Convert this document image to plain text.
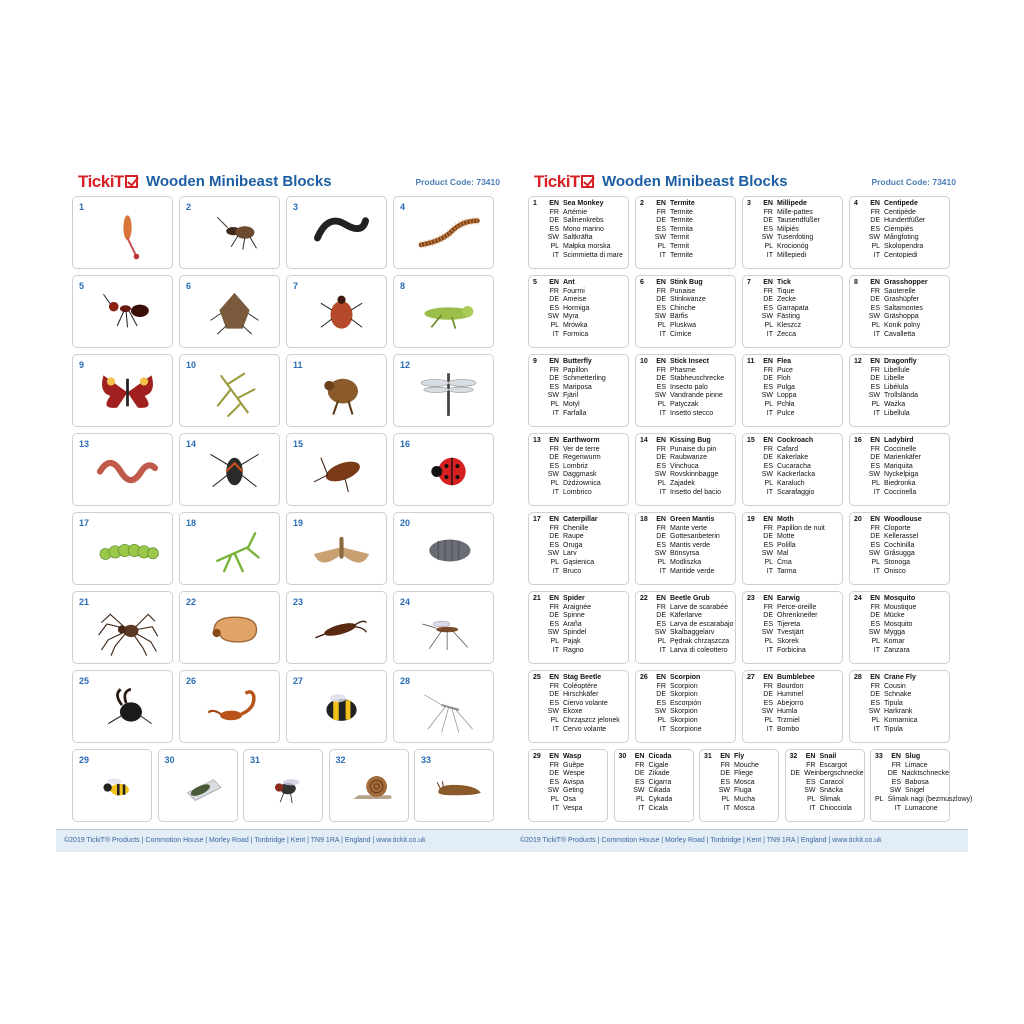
TickiT	Wooden Minibeast Blocks	Product Code: 73410
1	2	3	4
5	6	7	8
9	10	11	12
13	14	15	16
17	18	19	20
21	22	23	24
25	26	27	28
29	30	31	32	33
©2019 TickiT® Products | Commotion House | Morley Road | Tonbridge | Kent | TN9 1RA | England | www.tickit.co.uk
TickiT	Wooden Minibeast Blocks	Product Code: 73410
1	EN Sea Monkey
FR Artémie
DE Salinenkrebs
ES Mono marino
SW Saltkräfta
PL Małpka morska
IT Scimmietta di mare
2	EN Termite
FR Termite
DE Termite
ES Termita
SW Termit
PL Termit
IT Termite
3	EN Millipede
FR Mille-pattes
DE Tausendfüßer
ES Milpiés
SW Tusenfoting
PL Krocionóg
IT Millepiedi
4	EN Centipede
FR Centipède
DE Hundertfüßer
ES Ciempiés
SW Mångfoting
PL Skolopendra
IT Centopiedi
5	EN Ant
FR Fourmi
DE Ameise
ES Hormiga
SW Myra
PL Mrówka
IT Formica
6	EN Stink Bug
FR Punaise
DE Stinkwanze
ES Chinche
SW Bärfis
PL Pluskwa
IT Cimice
7	EN Tick
FR Tique
DE Zecke
ES Garrapata
SW Fästing
PL Kleszcz
IT Zecca
8	EN Grasshopper
FR Sauterelle
DE Grashüpfer
ES Saltamontes
SW Gräshoppa
PL Konik polny
IT Cavalletta
9	EN Butterfly
FR Papillon
DE Schmetterling
ES Mariposa
SW Fjäril
PL Motyl
IT Farfalla
10	EN Stick Insect
FR Phasme
DE Stabheuschrecke
ES Insecto palo
SW Vandrande pinne
PL Patyczak
IT Insetto stecco
11	EN Flea
FR Puce
DE Floh
ES Pulga
SW Loppa
PL Pchła
IT Pulce
12	EN Dragonfly
FR Libellule
DE Libelle
ES Libélula
SW Trollslända
PL Ważka
IT Libellula
13	EN Earthworm
FR Ver de terre
DE Regenwurm
ES Lombriz
SW Daggmask
PL Dżdżownica
IT Lombrico
14	EN Kissing Bug
FR Punaise du pin
DE Raubwanze
ES Vinchuca
SW Rovskinnbagge
PL Zajadek
IT Insetto del bacio
15	EN Cockroach
FR Cafard
DE Kakerlake
ES Cucaracha
SW Kackerlacka
PL Karaluch
IT Scarafaggio
16	EN Ladybird
FR Coccinelle
DE Marienkäfer
ES Mariquita
SW Nyckelpiga
PL Biedronka
IT Coccinella
17	EN Caterpillar
FR Chenille
DE Raupe
ES Oruga
SW Larv
PL Gąsienica
IT Bruco
18	EN Green Mantis
FR Mante verte
DE Gottesanbeterin
ES Mantis verde
SW Bönsyrsa
PL Modliszka
IT Mantide verde
19	EN Moth
FR Papillon de nuit
DE Motte
ES Polilla
SW Mal
PL Ćma
IT Tarma
20	EN Woodlouse
FR Cloporte
DE Kellerassel
ES Cochinilla
SW Gråsugga
PL Stonoga
IT Onisco
21	EN Spider
FR Araignée
DE Spinne
ES Araña
SW Spindel
PL Pająk
IT Ragno
22	EN Beetle Grub
FR Larve de scarabée
DE Käferlarve
ES Larva de escarabajo
SW Skalbaggelarv
PL Pędrak chrząszcza
IT Larva di coleottero
23	EN Earwig
FR Perce-oreille
DE Ohrenkneifer
ES Tijereta
SW Tvestjärt
PL Skorek
IT Forbicina
24	EN Mosquito
FR Moustique
DE Mücke
ES Mosquito
SW Mygga
PL Komar
IT Zanzara
25	EN Stag Beetle
FR Coléoptère
DE Hirschkäfer
ES Ciervo volante
SW Ekoxe
PL Chrząszcz jelonek
IT Cervo volante
26	EN Scorpion
FR Scorpion
DE Skorpion
ES Escorpión
SW Skorpion
PL Skorpion
IT Scorpione
27	EN Bumblebee
FR Bourdon
DE Hummel
ES Abejorro
SW Humla
PL Trzmiel
IT Bombo
28	EN Crane Fly
FR Cousin
DE Schnake
ES Tipula
SW Harkrank
PL Komarnica
IT Tipula
29	EN Wasp
FR Guêpe
DE Wespe
ES Avispa
SW Geting
PL Osa
IT Vespa
30	EN Cicada
FR Cigale
DE Zikade
ES Cigarra
SW Cikada
PL Cykada
IT Cicala
31	EN Fly
FR Mouche
DE Fliege
ES Mosca
SW Fluga
PL Mucha
IT Mosca
32	EN Snail
FR Escargot
DE Weinbergschnecke
ES Caracol
SW Snäcka
PL Ślimak
IT Chiocciola
33	EN Slug
FR Limace
DE Nacktschnecke
ES Babosa
SW Snigel
PL Ślimak nagi (bezmuszlowy)
IT Lumacone
©2019 TickiT® Products | Commotion House | Morley Road | Tonbridge | Kent | TN9 1RA | England | www.tickit.co.uk
